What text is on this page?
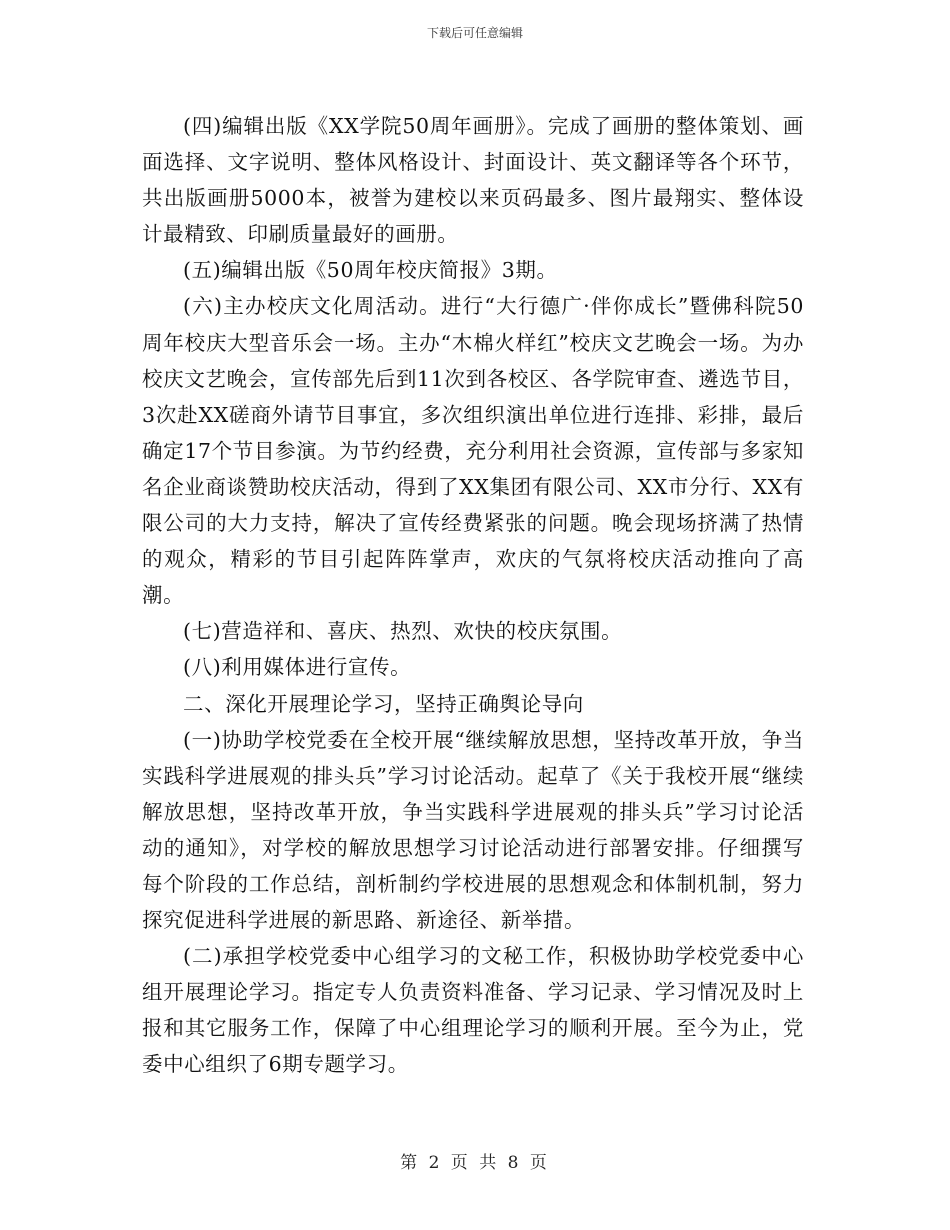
下载后可任意编辑

(四)编辑出版《XX学院50周年画册》。完成了画册的整体策划、画面选择、文字说明、整体风格设计、封面设计、英文翻译等各个环节，共出版画册5000本，被誉为建校以来页码最多、图片最翔实、整体设计最精致、印刷质量最好的画册。

(五)编辑出版《50周年校庆简报》3期。

(六)主办校庆文化周活动。进行“大行德广·伴你成长”暨佛科院50周年校庆大型音乐会一场。主办“木棉火样红”校庆文艺晚会一场。为办校庆文艺晚会，宣传部先后到11次到各校区、各学院审查、遴选节目，3次赴XX磋商外请节目事宜，多次组织演出单位进行连排、彩排，最后确定17个节目参演。为节约经费，充分利用社会资源，宣传部与多家知名企业商谈赞助校庆活动，得到了XX集团有限公司、XX市分行、XX有限公司的大力支持，解决了宣传经费紧张的问题。晚会现场挤满了热情的观众，精彩的节目引起阵阵掌声，欢庆的气氛将校庆活动推向了高潮。

(七)营造祥和、喜庆、热烈、欢快的校庆氛围。

(八)利用媒体进行宣传。

二、深化开展理论学习，坚持正确舆论导向

(一)协助学校党委在全校开展“继续解放思想，坚持改革开放，争当实践科学进展观的排头兵”学习讨论活动。起草了《关于我校开展“继续解放思想，坚持改革开放，争当实践科学进展观的排头兵”学习讨论活动的通知》，对学校的解放思想学习讨论活动进行部署安排。仔细撰写每个阶段的工作总结，剖析制约学校进展的思想观念和体制机制，努力探究促进科学进展的新思路、新途径、新举措。

(二)承担学校党委中心组学习的文秘工作，积极协助学校党委中心组开展理论学习。指定专人负责资料准备、学习记录、学习情况及时上报和其它服务工作，保障了中心组理论学习的顺利开展。至今为止，党委中心组织了6期专题学习。

第 2 页 共 8 页
